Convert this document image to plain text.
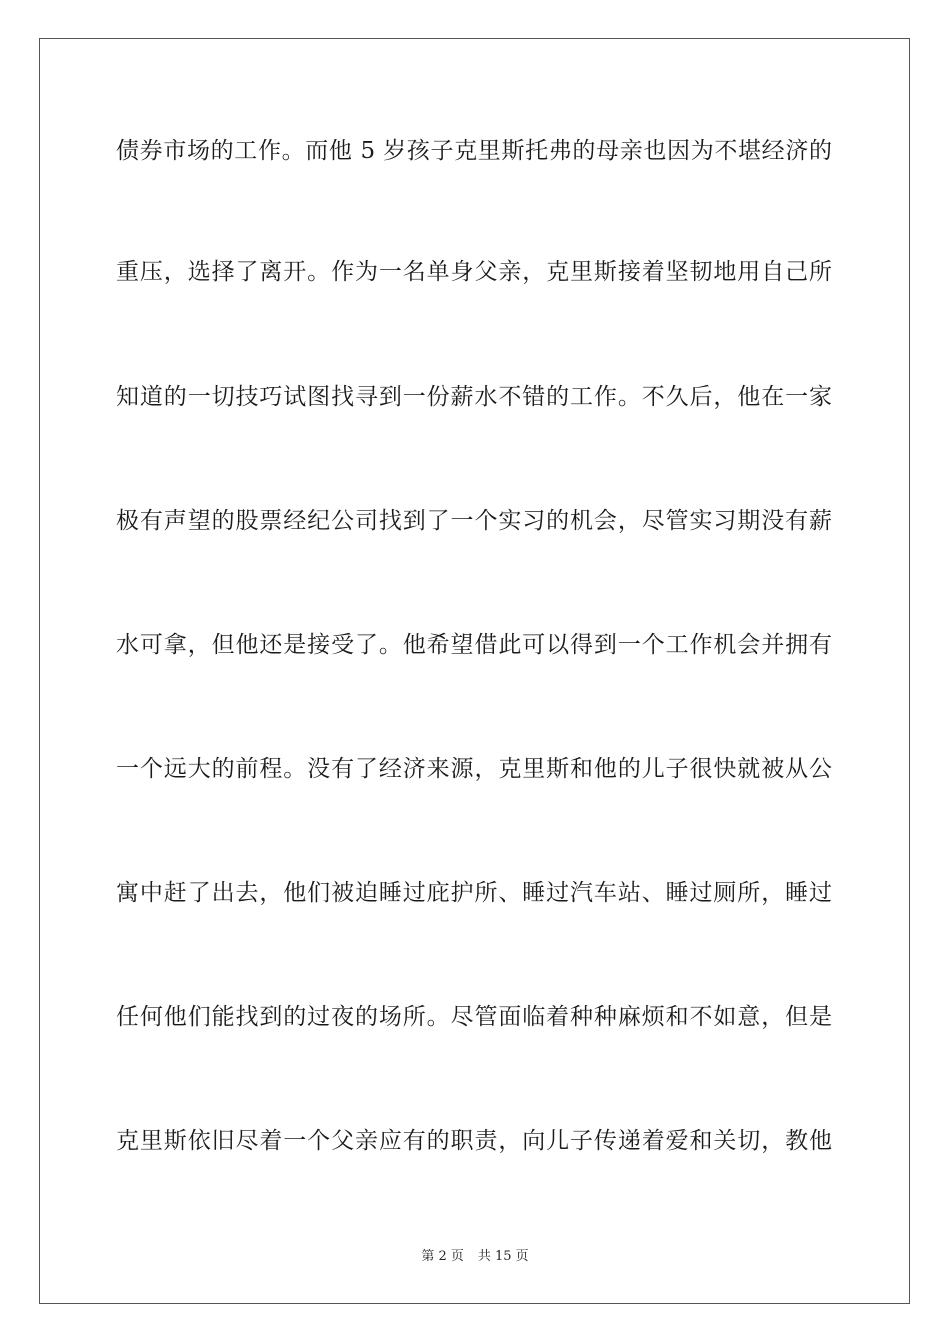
债券市场的工作。而他 5 岁孩子克里斯托弗的母亲也因为不堪经济的
重压，选择了离开。作为一名单身父亲，克里斯接着坚韧地用自己所
知道的一切技巧试图找寻到一份薪水不错的工作。不久后，他在一家
极有声望的股票经纪公司找到了一个实习的机会，尽管实习期没有薪
水可拿，但他还是接受了。他希望借此可以得到一个工作机会并拥有
一个远大的前程。没有了经济来源，克里斯和他的儿子很快就被从公
寓中赶了出去，他们被迫睡过庇护所、睡过汽车站、睡过厕所，睡过
任何他们能找到的过夜的场所。尽管面临着种种麻烦和不如意，但是
克里斯依旧尽着一个父亲应有的职责，向儿子传递着爱和关切，教他
第 2 页 共 15 页
